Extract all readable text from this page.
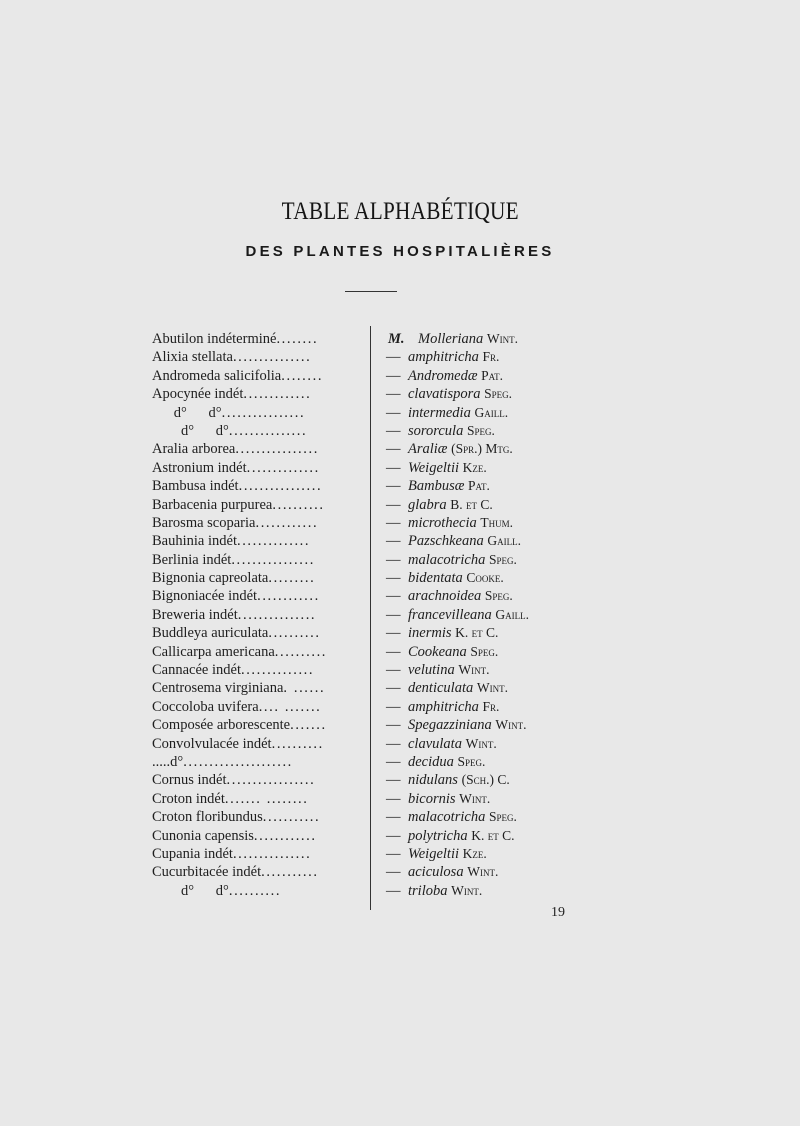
TABLE ALPHABÉTIQUE
DES PLANTES HOSPITALIÈRES
Abutilon indéterminé ........
Alixia stellata ...............
Andromeda salicifolia ........
Apocynée indét .............
d°      d° ................
d°      d° ...............
Aralia arborea ................
Astronium indét ..............
Bambusa indét ................
Barbacenia purpurea ..........
Barosma scoparia ............
Bauhinia indét ..............
Berlinia indét ................
Bignonia capreolata .........
Bignoniacée indét ............
Breweria indét ...............
Buddleya auriculata ..........
Callicarpa americana ..........
Cannacée indét ..............
Centrosema virginiana . ......
Coccoloba uvifera .... .......
Composée arborescente .......
Convolvulacée indét ..........
.....d° .....................
Cornus indét .................
Croton indét ....... ........
Croton floribundus ...........
Cunonia capensis ............
Cupania indét ...............
Cucurbitacée indét ...........
d°      d° ..........
M. Molleriana Wint.
— amphitricha Fr.
— Andromedæ Pat.
— clavatispora Speg.
— intermedia Gaill.
— sororcula Speg.
— Araliæ (Spr.) Mtg.
— Weigeltii Kze.
— Bambusæ Pat.
— glabra B. et C.
— microthecia Thum.
— Pazschkeana Gaill.
— malacotricha Speg.
— bidentata Cooke.
— arachnoidea Speg.
— francevilleana Gaill.
— inermis K. et C.
— Cookeana Speg.
— velutina Wint.
— denticulata Wint.
— amphitricha Fr.
— Spegazziniana Wint.
— clavulata Wint.
— decidua Speg.
— nidulans (Sch.) C.
— bicornis Wint.
— malacotricha Speg.
— polytricha K. et C.
— Weigeltii Kze.
— aciculosa Wint.
— triloba Wint.
19
